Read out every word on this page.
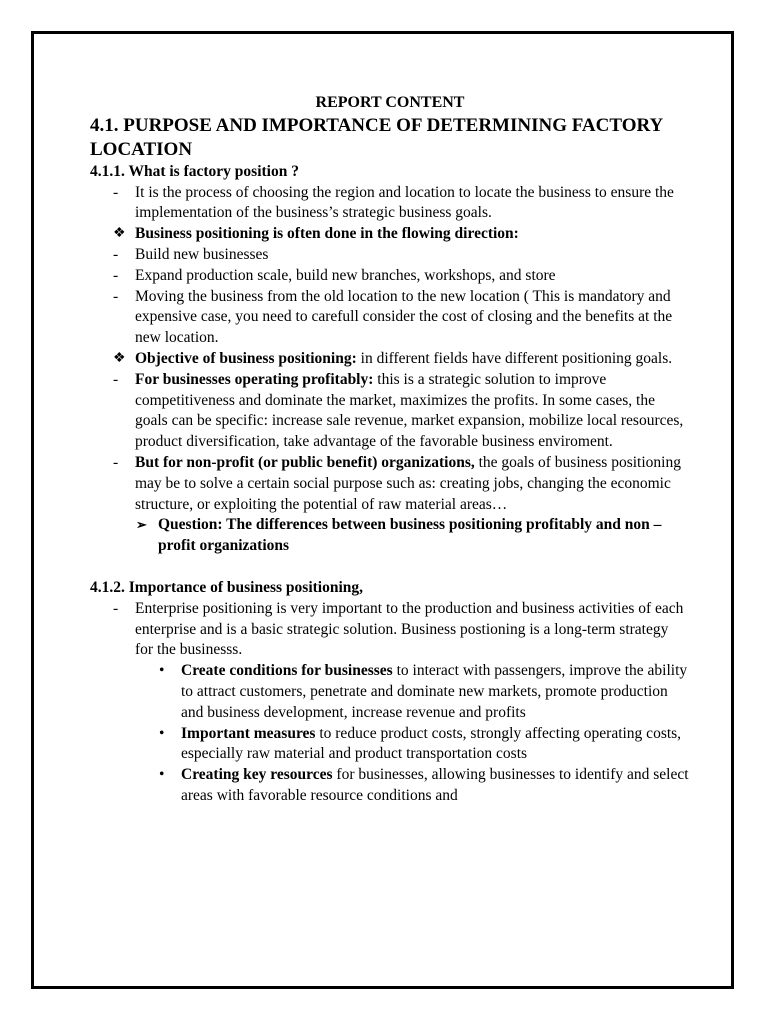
REPORT CONTENT
4.1. PURPOSE AND IMPORTANCE OF DETERMINING FACTORY LOCATION
4.1.1. What is factory position ?
- It is the process of choosing the region and location to locate the business to ensure the implementation of the business’s strategic business goals.
❖ Business positioning is often done in the flowing direction:
- Build new businesses
- Expand production scale, build new branches, workshops, and store
- Moving the business from the old location to the new location ( This is mandatory and expensive case, you need to carefull consider the cost of closing and the benefits at the new location.
❖ Objective of business positioning: in different fields have different positioning goals.
- For businesses operating profitably: this is a strategic solution to improve competitiveness and dominate the market, maximizes the profits. In some cases, the goals can be specific: increase sale revenue, market expansion, mobilize local resources, product diversification, take advantage of the favorable business enviroment.
- But for non-profit (or public benefit) organizations, the goals of business positioning may be to solve a certain social purpose such as: creating jobs, changing the economic structure, or exploiting the potential of raw material areas…
➢ Question: The differences between business positioning profitably and non – profit organizations
4.1.2. Importance of business positioning,
- Enterprise positioning is very important to the production and business activities of each enterprise and is a basic strategic solution. Business postioning is a long-term strategy for the businesss.
• Create conditions for businesses to interact with passengers, improve the ability to attract customers, penetrate and dominate new markets, promote production and business development, increase revenue and profits
• Important measures to reduce product costs, strongly affecting operating costs, especially raw material and product transportation costs
• Creating key resources for businesses, allowing businesses to identify and select areas with favorable resource conditions and
